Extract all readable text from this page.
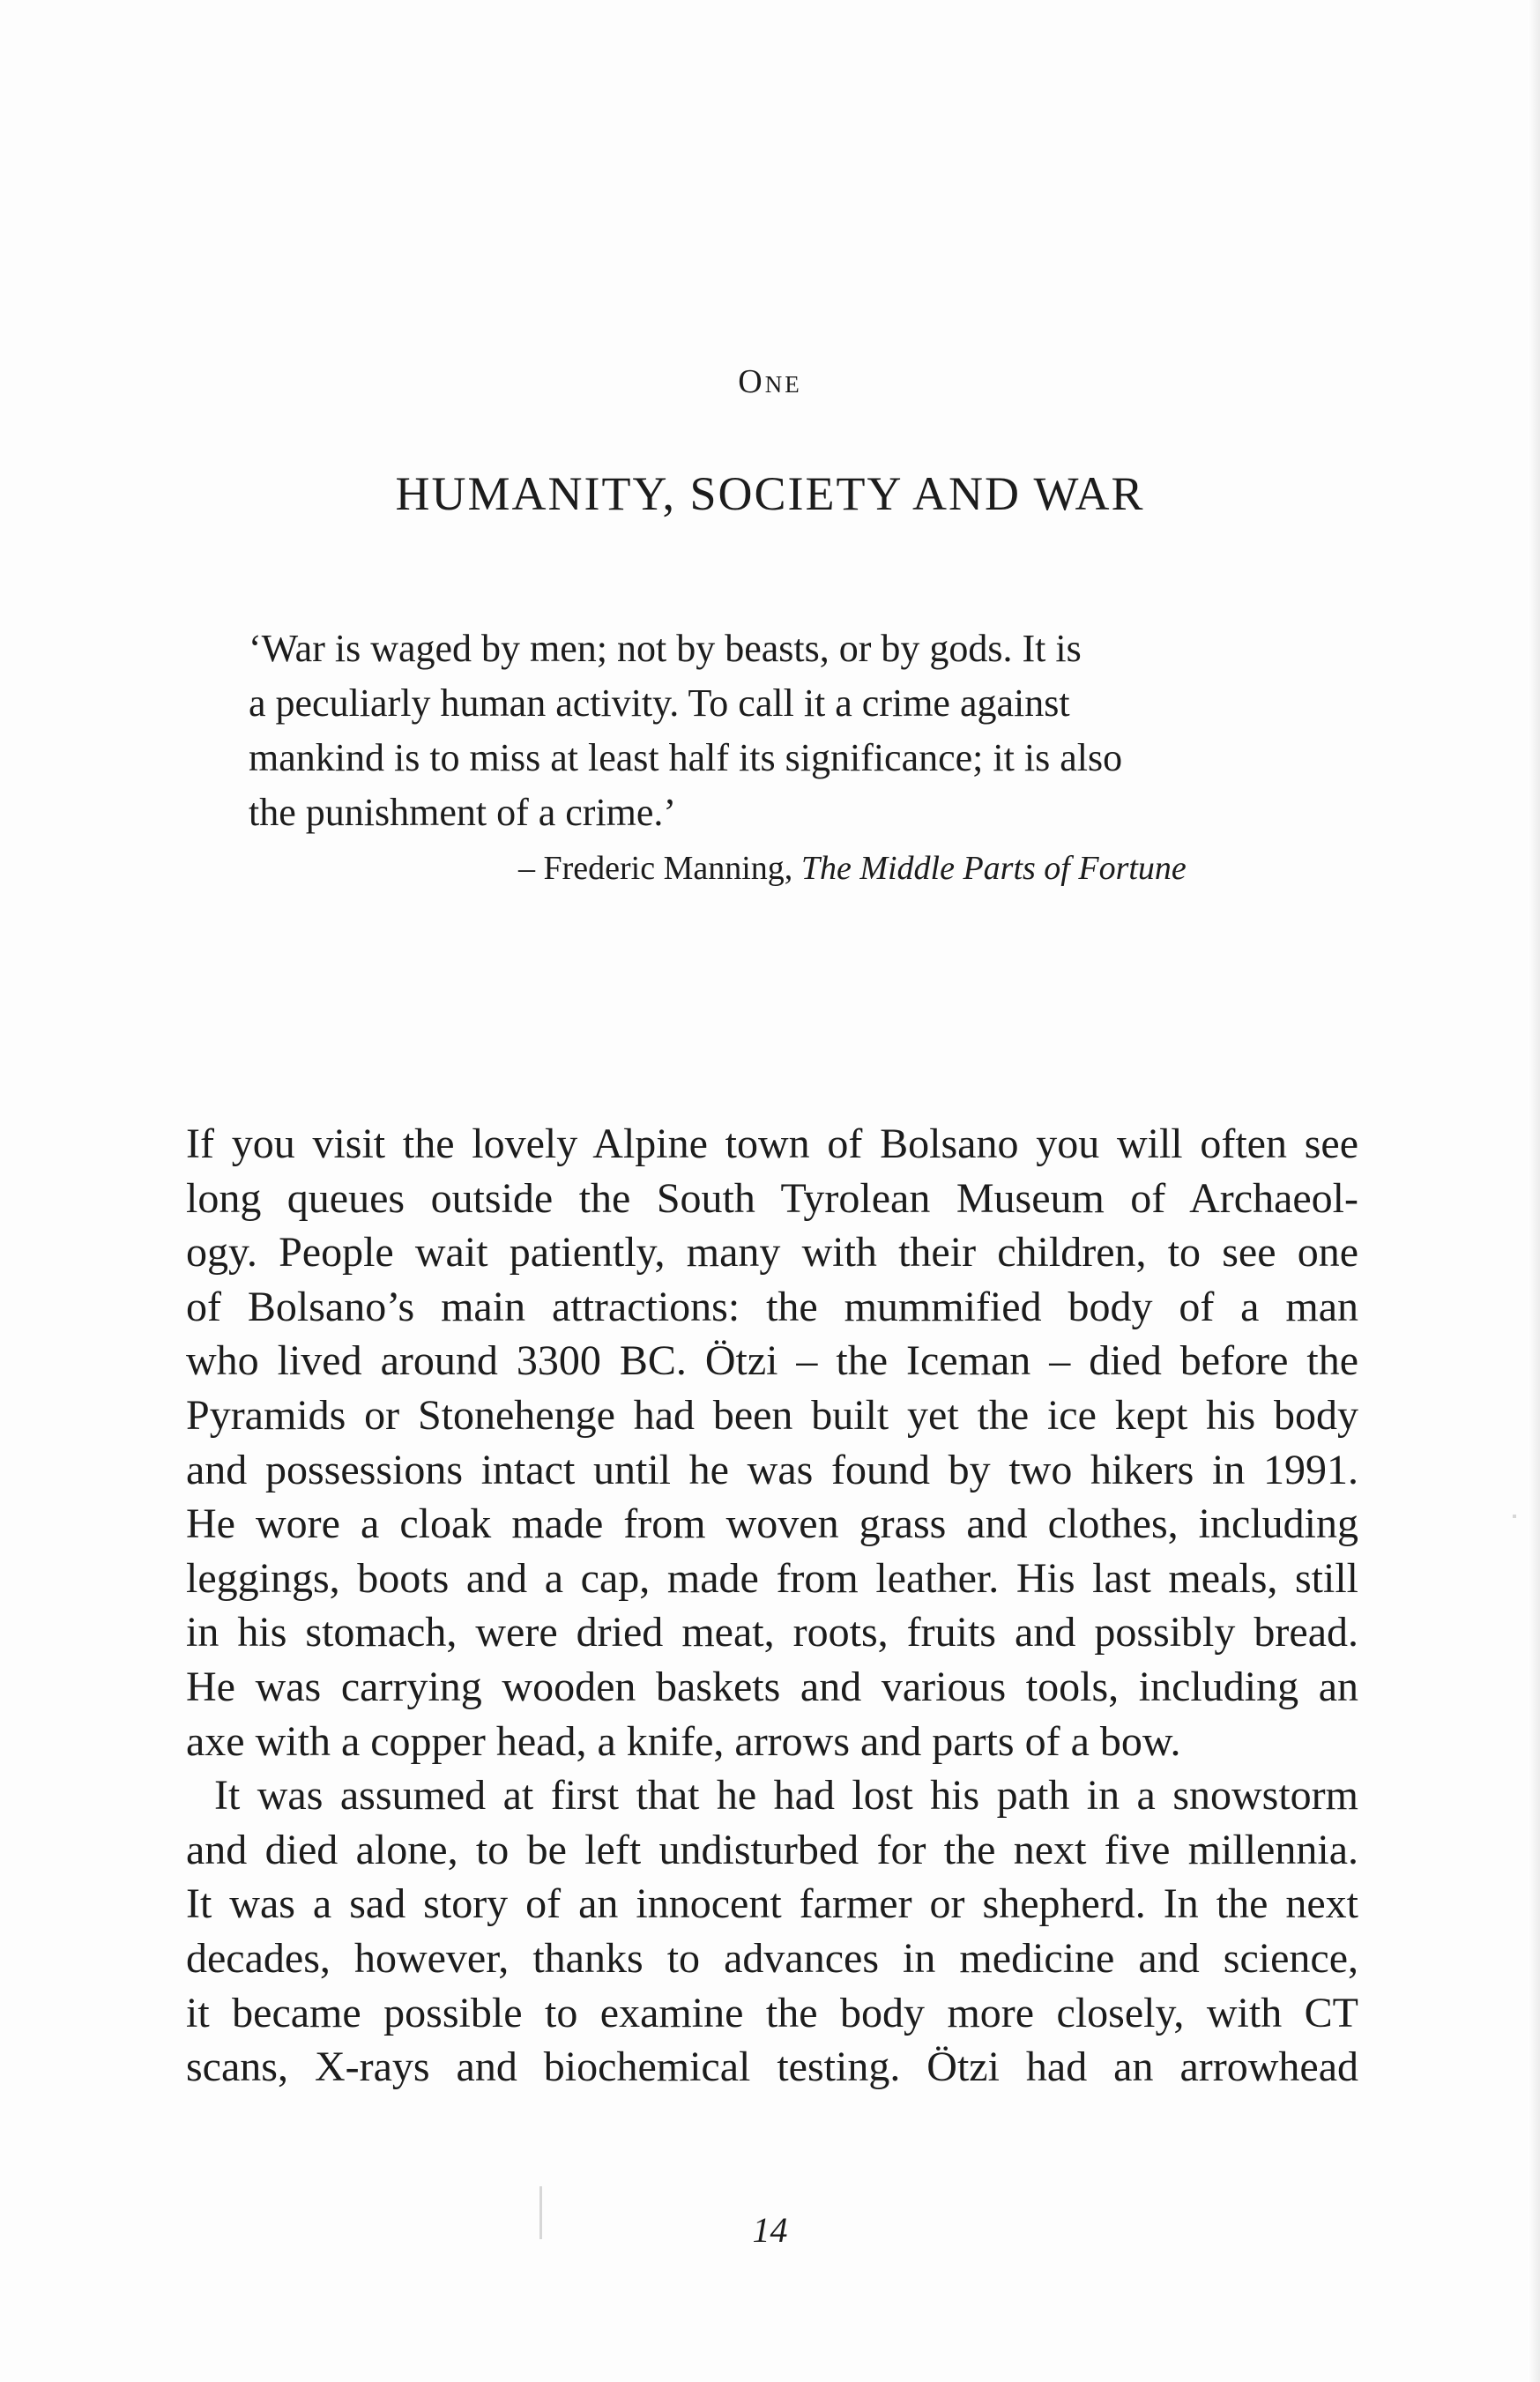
One
HUMANITY, SOCIETY AND WAR
‘War is waged by men; not by beasts, or by gods. It is
a peculiarly human activity. To call it a crime against
mankind is to miss at least half its significance; it is also
the punishment of a crime.’
– Frederic Manning, The Middle Parts of Fortune
If you visit the lovely Alpine town of Bolsano you will often see
long queues outside the South Tyrolean Museum of Archaeol-
ogy. People wait patiently, many with their children, to see one
of Bolsano’s main attractions: the mummified body of a man
who lived around 3300 BC. Ötzi – the Iceman – died before the
Pyramids or Stonehenge had been built yet the ice kept his body
and possessions intact until he was found by two hikers in 1991.
He wore a cloak made from woven grass and clothes, including
leggings, boots and a cap, made from leather. His last meals, still
in his stomach, were dried meat, roots, fruits and possibly bread.
He was carrying wooden baskets and various tools, including an
axe with a copper head, a knife, arrows and parts of a bow.
It was assumed at first that he had lost his path in a snowstorm
and died alone, to be left undisturbed for the next five millennia.
It was a sad story of an innocent farmer or shepherd. In the next
decades, however, thanks to advances in medicine and science,
it became possible to examine the body more closely, with CT
scans, X-rays and biochemical testing. Ötzi had an arrowhead
14
